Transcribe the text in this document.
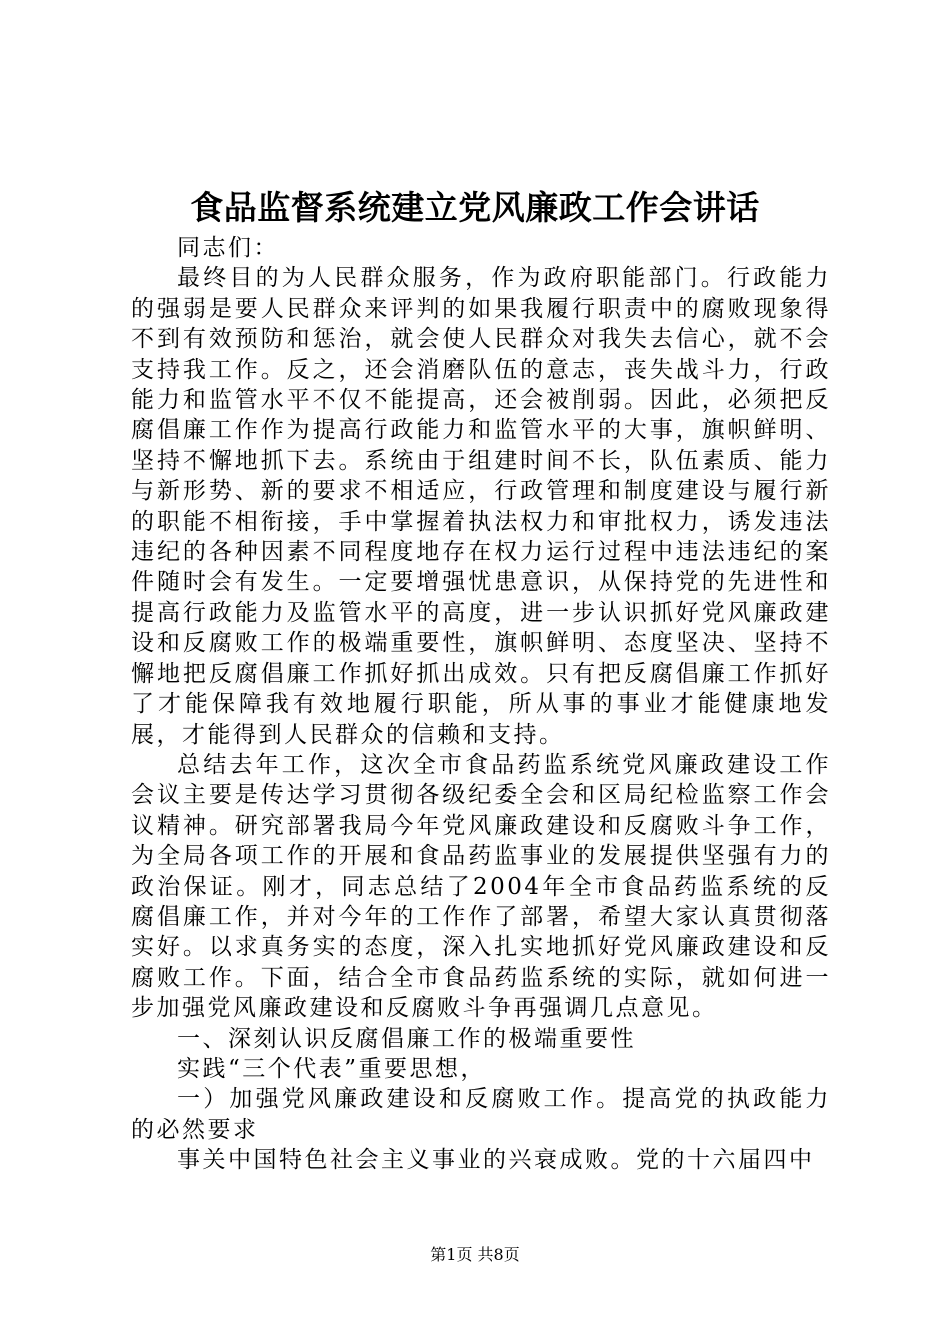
食品监督系统建立党风廉政工作会讲话

同志们：

最终目的为人民群众服务，作为政府职能部门。行政能力的强弱是要人民群众来评判的如果我履行职责中的腐败现象得不到有效预防和惩治，就会使人民群众对我失去信心，就不会支持我工作。反之，还会消磨队伍的意志，丧失战斗力，行政能力和监管水平不仅不能提高，还会被削弱。因此，必须把反腐倡廉工作作为提高行政能力和监管水平的大事，旗帜鲜明、坚持不懈地抓下去。系统由于组建时间不长，队伍素质、能力与新形势、新的要求不相适应，行政管理和制度建设与履行新的职能不相衔接，手中掌握着执法权力和审批权力，诱发违法违纪的各种因素不同程度地存在权力运行过程中违法违纪的案件随时会有发生。一定要增强忧患意识，从保持党的先进性和提高行政能力及监管水平的高度，进一步认识抓好党风廉政建设和反腐败工作的极端重要性，旗帜鲜明、态度坚决、坚持不懈地把反腐倡廉工作抓好抓出成效。只有把反腐倡廉工作抓好了才能保障我有效地履行职能，所从事的事业才能健康地发展，才能得到人民群众的信赖和支持。

总结去年工作，这次全市食品药监系统党风廉政建设工作会议主要是传达学习贯彻各级纪委全会和区局纪检监察工作会议精神。研究部署我局今年党风廉政建设和反腐败斗争工作，为全局各项工作的开展和食品药监事业的发展提供坚强有力的政治保证。刚才，同志总结了2004年全市食品药监系统的反腐倡廉工作，并对今年的工作作了部署，希望大家认真贯彻落实好。以求真务实的态度，深入扎实地抓好党风廉政建设和反腐败工作。下面，结合全市食品药监系统的实际，就如何进一步加强党风廉政建设和反腐败斗争再强调几点意见。

一、深刻认识反腐倡廉工作的极端重要性

实践“三个代表”重要思想，

一）加强党风廉政建设和反腐败工作。提高党的执政能力的必然要求

事关中国特色社会主义事业的兴衰成败。党的十六届四中

第1页 共8页
